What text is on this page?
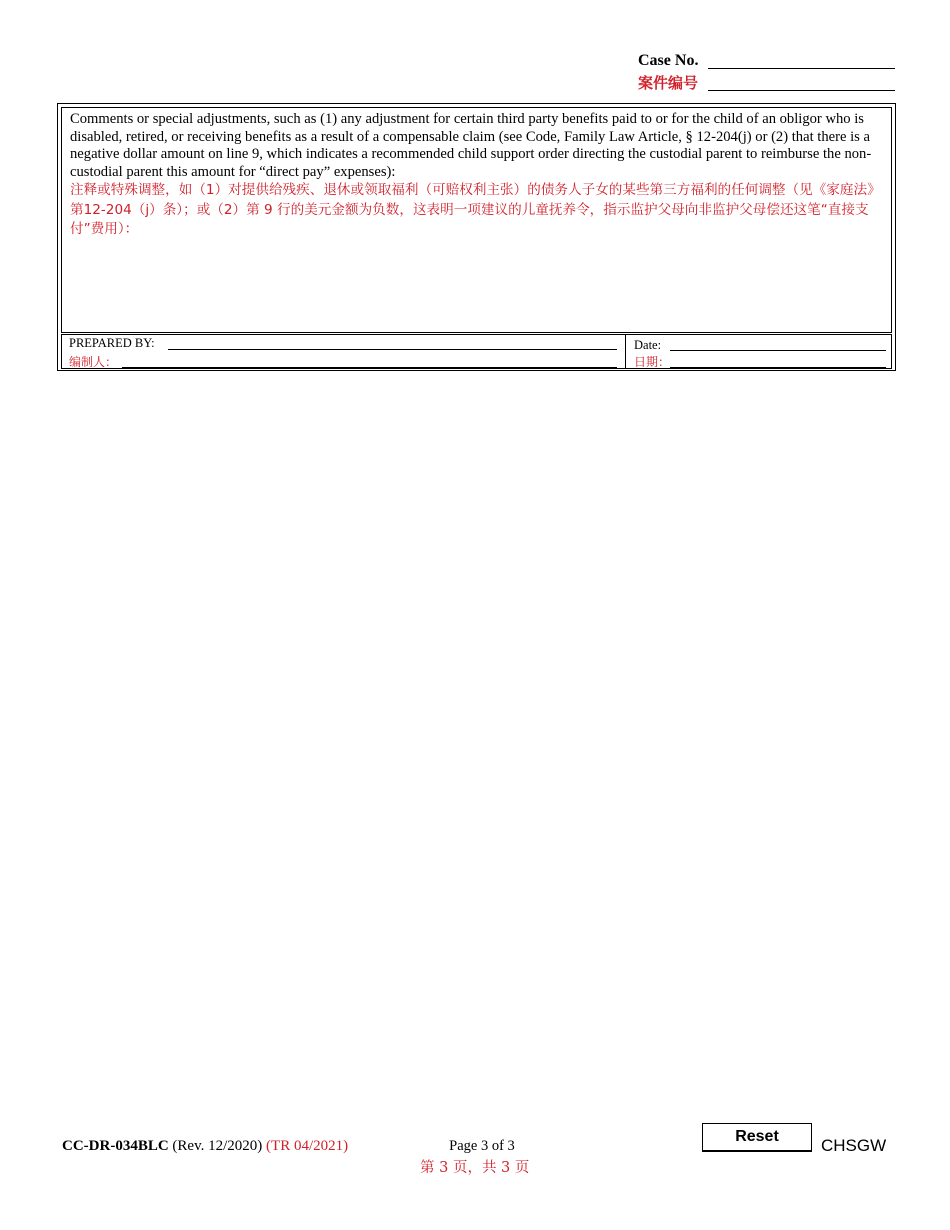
Case No.
案件编号

Comments or special adjustments, such as (1) any adjustment for certain third party benefits paid to or for the child of an obligor who is disabled, retired, or receiving benefits as a result of a compensable claim (see Code, Family Law Article, § 12-204(j) or (2) that there is a negative dollar amount on line 9, which indicates a recommended child support order directing the custodial parent to reimburse the non-custodial parent this amount for “direct pay” expenses):

注释或特殊调整，如（1）对提供给残疾、退休或领取福利（可赔权利主张）的债务人子女的某些第三方福利的任何调整（见《家庭法》第12-204（j）条）；或（2）第 9 行的美元金额为负数，这表明一项建议的儿童抚养令，指示监护父母向非监护父母偿还这笔“直接支付”费用）：

PREPARED BY:
编制人：
Date:
日期：
CC-DR-034BLC (Rev. 12/2020) (TR 04/2021)	Page 3 of 3
第 3 页，共 3 页
Reset	CHSGW
